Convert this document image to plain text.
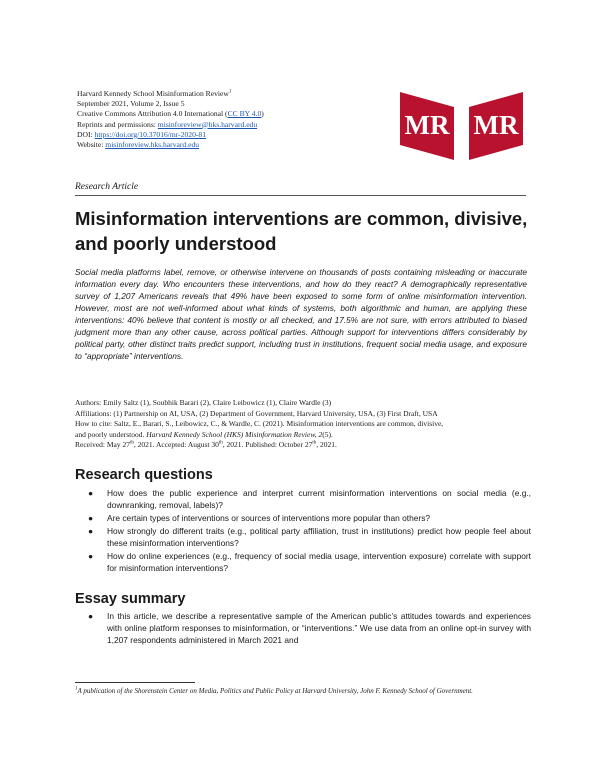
Harvard Kennedy School Misinformation Review$^1$
September 2021, Volume 2, Issue 5
Creative Commons Attribution 4.0 International (CC BY 4.0)
Reprints and permissions: misinforeview@hks.harvard.edu
DOI: https://doi.org/10.37016/mr-2020-81
Website: misinforeview.hks.harvard.edu
MR MR
Research Article
Misinformation interventions are common, divisive, and poorly understood

Social media platforms label, remove, or otherwise intervene on thousands of posts containing misleading or inaccurate information every day. Who encounters these interventions, and how do they react? A demographically representative survey of 1,207 Americans reveals that 49% have been exposed to some form of online misinformation intervention. However, most are not well-informed about what kinds of systems, both algorithmic and human, are applying these interventions: 40% believe that content is mostly or all checked, and 17.5% are not sure, with errors attributed to biased judgment more than any other cause, across political parties. Although support for interventions differs considerably by political party, other distinct traits predict support, including trust in institutions, frequent social media usage, and exposure to “appropriate” interventions.

Authors: Emily Saltz (1), Soubhik Barari (2), Claire Leibowicz (1), Claire Wardle (3)
Affiliations: (1) Partnership on AI, USA, (2) Department of Government, Harvard University, USA, (3) First Draft, USA
How to cite: Saltz, E., Barari, S., Leibowicz, C., & Wardle, C. (2021). Misinformation interventions are common, divisive,
and poorly understood. Harvard Kennedy School (HKS) Misinformation Review, 2(5).
Received: May 27th, 2021. Accepted: August 30th, 2021. Published: October 27th, 2021.
Research questions
● How does the public experience and interpret current misinformation interventions on social media (e.g., downranking, removal, labels)?
● Are certain types of interventions or sources of interventions more popular than others?
● How strongly do different traits (e.g., political party affiliation, trust in institutions) predict how people feel about these misinformation interventions?
● How do online experiences (e.g., frequency of social media usage, intervention exposure) correlate with support for misinformation interventions?
Essay summary
● In this article, we describe a representative sample of the American public’s attitudes towards and experiences with online platform responses to misinformation, or “interventions.” We use data from an online opt-in survey with 1,207 respondents administered in March 2021 and

$^1$A publication of the Shorenstein Center on Media, Politics and Public Policy at Harvard University, John F. Kennedy School of Government.
